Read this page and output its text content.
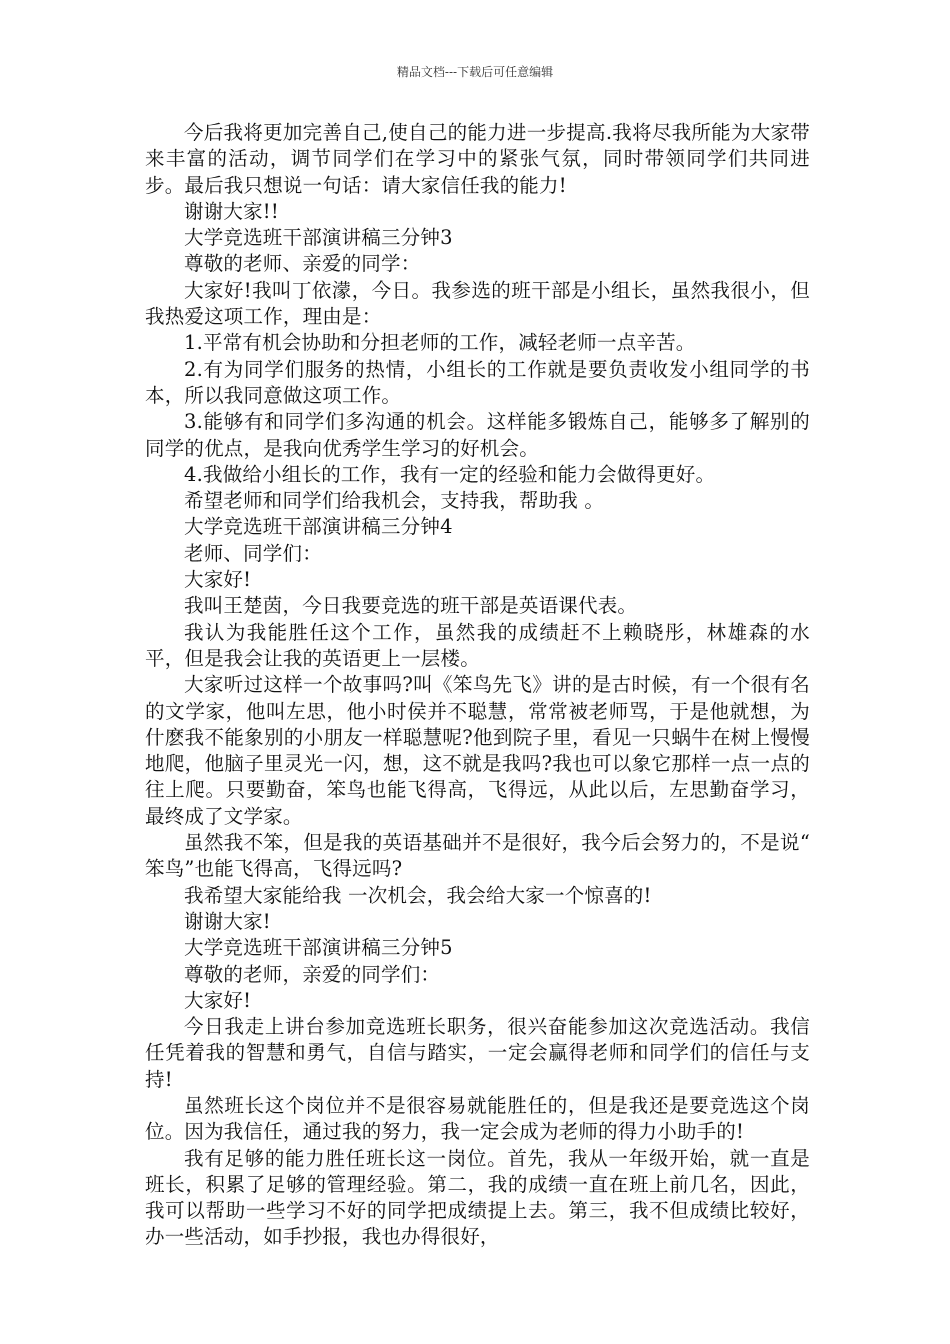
精品文档---下载后可任意编辑

今后我将更加完善自己,使自己的能力进一步提高.我将尽我所能为大家带来丰富的活动，调节同学们在学习中的紧张气氛，同时带领同学们共同进步。最后我只想说一句话：请大家信任我的能力!

谢谢大家!!

大学竞选班干部演讲稿三分钟3

尊敬的老师、亲爱的同学：

大家好!我叫丁依濛，今日。我参选的班干部是小组长，虽然我很小，但我热爱这项工作，理由是：

1.平常有机会协助和分担老师的工作，减轻老师一点辛苦。

2.有为同学们服务的热情，小组长的工作就是要负责收发小组同学的书本，所以我同意做这项工作。

3.能够有和同学们多沟通的机会。这样能多锻炼自己，能够多了解别的同学的优点，是我向优秀学生学习的好机会。

4.我做给小组长的工作，我有一定的经验和能力会做得更好。

希望老师和同学们给我机会，支持我，帮助我 。

大学竞选班干部演讲稿三分钟4

老师、同学们：

大家好!

我叫王楚茵，今日我要竞选的班干部是英语课代表。

我认为我能胜任这个工作，虽然我的成绩赶不上赖晓彤，林雄森的水平，但是我会让我的英语更上一层楼。

大家听过这样一个故事吗?叫《笨鸟先飞》讲的是古时候，有一个很有名的文学家，他叫左思，他小时侯并不聪慧，常常被老师骂，于是他就想，为什麽我不能象别的小朋友一样聪慧呢?他到院子里，看见一只蜗牛在树上慢慢地爬，他脑子里灵光一闪，想，这不就是我吗?我也可以象它那样一点一点的往上爬。只要勤奋，笨鸟也能飞得高，飞得远，从此以后，左思勤奋学习，最终成了文学家。

虽然我不笨，但是我的英语基础并不是很好，我今后会努力的，不是说“ 笨鸟”也能飞得高，飞得远吗?

我希望大家能给我 一次机会，我会给大家一个惊喜的!

谢谢大家!

大学竞选班干部演讲稿三分钟5

尊敬的老师，亲爱的同学们：

大家好!

今日我走上讲台参加竞选班长职务，很兴奋能参加这次竞选活动。我信任凭着我的智慧和勇气，自信与踏实，一定会赢得老师和同学们的信任与支持!

虽然班长这个岗位并不是很容易就能胜任的，但是我还是要竞选这个岗位。因为我信任，通过我的努力，我一定会成为老师的得力小助手的!

我有足够的能力胜任班长这一岗位。首先，我从一年级开始，就一直是班长，积累了足够的管理经验。第二，我的成绩一直在班上前几名，因此，我可以帮助一些学习不好的同学把成绩提上去。第三，我不但成绩比较好，办一些活动，如手抄报，我也办得很好，
